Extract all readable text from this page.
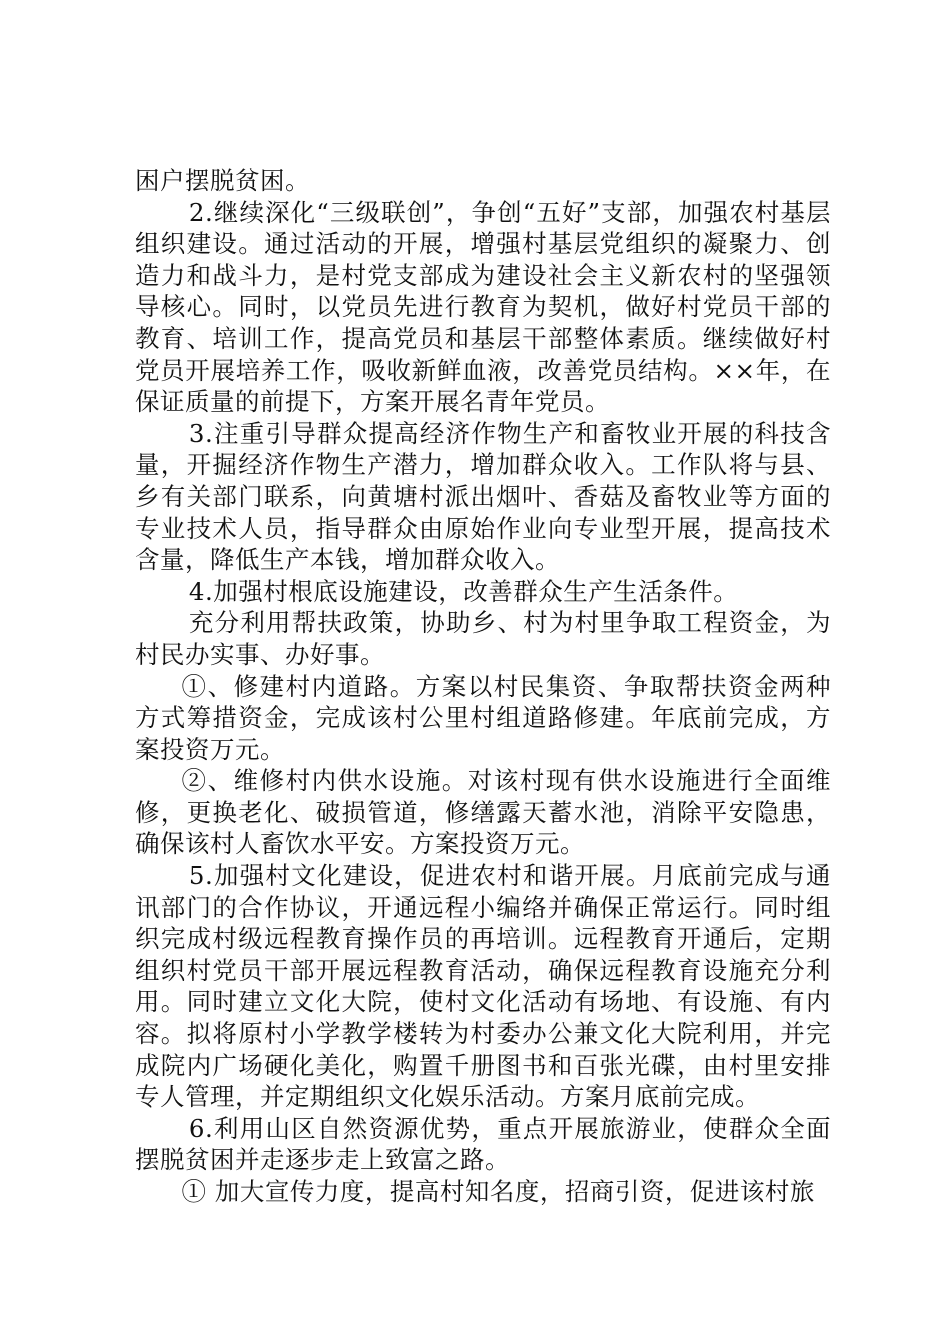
困户摆脱贫困。

2.继续深化“三级联创”，争创“五好”支部，加强农村基层组织建设。通过活动的开展，增强村基层党组织的凝聚力、创造力和战斗力，是村党支部成为建设社会主义新农村的坚强领导核心。同时，以党员先进行教育为契机，做好村党员干部的教育、培训工作，提高党员和基层干部整体素质。继续做好村党员开展培养工作，吸收新鲜血液，改善党员结构。××年，在保证质量的前提下，方案开展名青年党员。

3.注重引导群众提高经济作物生产和畜牧业开展的科技含量，开掘经济作物生产潜力，增加群众收入。工作队将与县、乡有关部门联系，向黄塘村派出烟叶、香菇及畜牧业等方面的专业技术人员，指导群众由原始作业向专业型开展，提高技术含量，降低生产本钱，增加群众收入。

4.加强村根底设施建设，改善群众生产生活条件。

充分利用帮扶政策，协助乡、村为村里争取工程资金，为村民办实事、办好事。

①、修建村内道路。方案以村民集资、争取帮扶资金两种方式筹措资金，完成该村公里村组道路修建。年底前完成，方案投资万元。

②、维修村内供水设施。对该村现有供水设施进行全面维修，更换老化、破损管道，修缮露天蓄水池，消除平安隐患，确保该村人畜饮水平安。方案投资万元。

5.加强村文化建设，促进农村和谐开展。月底前完成与通讯部门的合作协议，开通远程小编络并确保正常运行。同时组织完成村级远程教育操作员的再培训。远程教育开通后，定期组织村党员干部开展远程教育活动，确保远程教育设施充分利用。同时建立文化大院，使村文化活动有场地、有设施、有内容。拟将原村小学教学楼转为村委办公兼文化大院利用，并完成院内广场硬化美化，购置千册图书和百张光碟，由村里安排专人管理，并定期组织文化娱乐活动。方案月底前完成。

6.利用山区自然资源优势，重点开展旅游业，使群众全面摆脱贫困并走逐步走上致富之路。

① 加大宣传力度，提高村知名度，招商引资，促进该村旅
